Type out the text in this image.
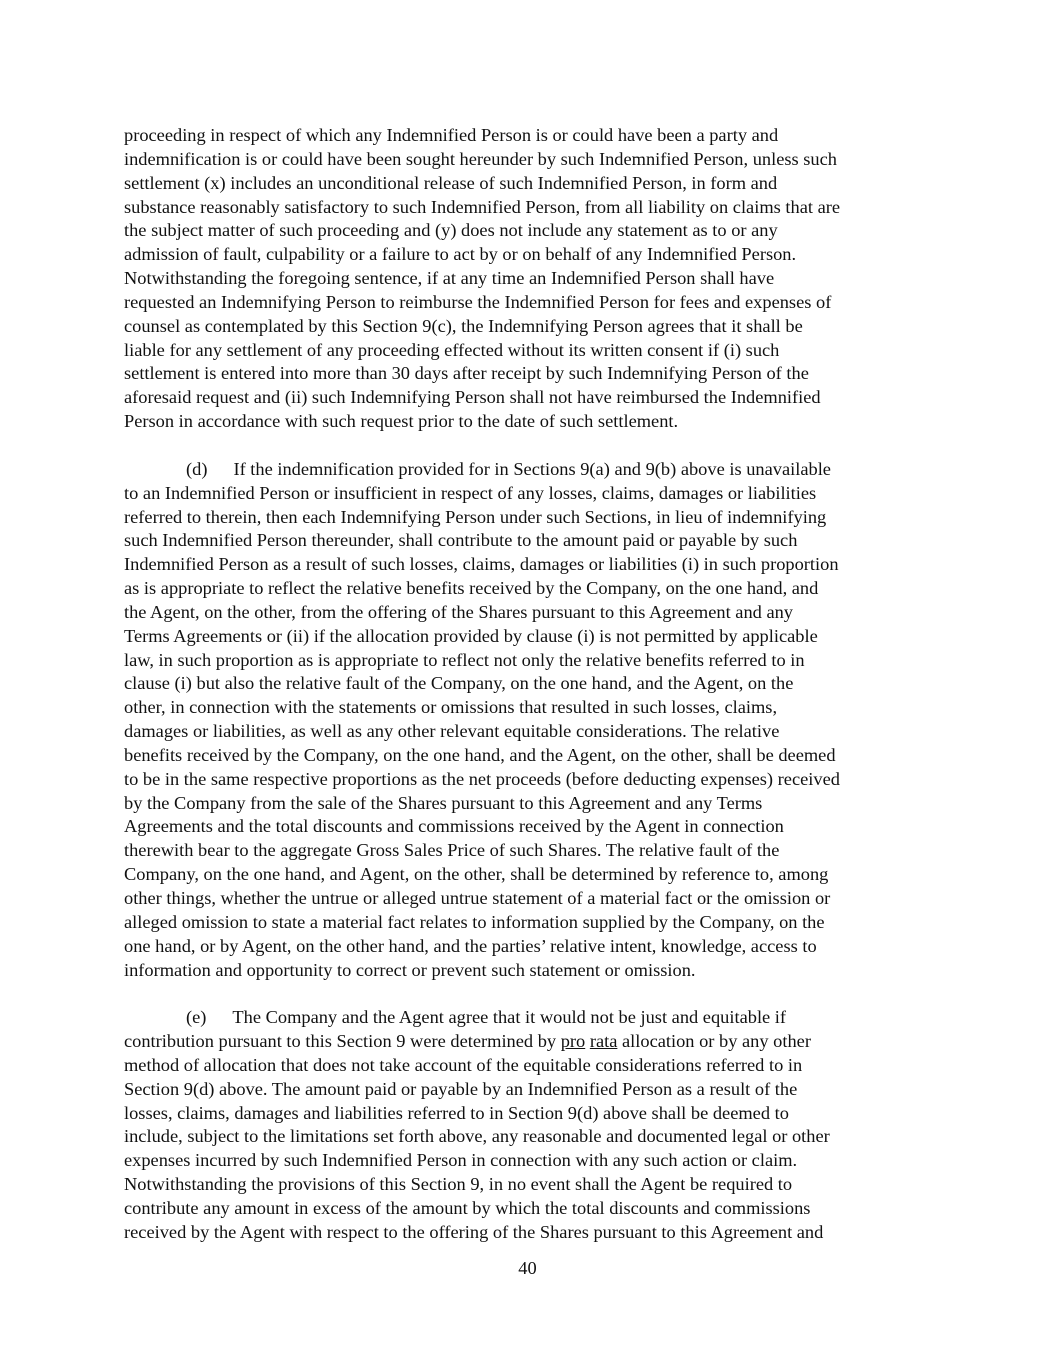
proceeding in respect of which any Indemnified Person is or could have been a party and
indemnification is or could have been sought hereunder by such Indemnified Person, unless such
settlement (x) includes an unconditional release of such Indemnified Person, in form and
substance reasonably satisfactory to such Indemnified Person, from all liability on claims that are
the subject matter of such proceeding and (y) does not include any statement as to or any
admission of fault, culpability or a failure to act by or on behalf of any Indemnified Person.
Notwithstanding the foregoing sentence, if at any time an Indemnified Person shall have
requested an Indemnifying Person to reimburse the Indemnified Person for fees and expenses of
counsel as contemplated by this Section 9(c), the Indemnifying Person agrees that it shall be
liable for any settlement of any proceeding effected without its written consent if (i) such
settlement is entered into more than 30 days after receipt by such Indemnifying Person of the
aforesaid request and (ii) such Indemnifying Person shall not have reimbursed the Indemnified
Person in accordance with such request prior to the date of such settlement.

(d) If the indemnification provided for in Sections 9(a) and 9(b) above is unavailable
to an Indemnified Person or insufficient in respect of any losses, claims, damages or liabilities
referred to therein, then each Indemnifying Person under such Sections, in lieu of indemnifying
such Indemnified Person thereunder, shall contribute to the amount paid or payable by such
Indemnified Person as a result of such losses, claims, damages or liabilities (i) in such proportion
as is appropriate to reflect the relative benefits received by the Company, on the one hand, and
the Agent, on the other, from the offering of the Shares pursuant to this Agreement and any
Terms Agreements or (ii) if the allocation provided by clause (i) is not permitted by applicable
law, in such proportion as is appropriate to reflect not only the relative benefits referred to in
clause (i) but also the relative fault of the Company, on the one hand, and the Agent, on the
other, in connection with the statements or omissions that resulted in such losses, claims,
damages or liabilities, as well as any other relevant equitable considerations. The relative
benefits received by the Company, on the one hand, and the Agent, on the other, shall be deemed
to be in the same respective proportions as the net proceeds (before deducting expenses) received
by the Company from the sale of the Shares pursuant to this Agreement and any Terms
Agreements and the total discounts and commissions received by the Agent in connection
therewith bear to the aggregate Gross Sales Price of such Shares. The relative fault of the
Company, on the one hand, and Agent, on the other, shall be determined by reference to, among
other things, whether the untrue or alleged untrue statement of a material fact or the omission or
alleged omission to state a material fact relates to information supplied by the Company, on the
one hand, or by Agent, on the other hand, and the parties’ relative intent, knowledge, access to
information and opportunity to correct or prevent such statement or omission.

(e) The Company and the Agent agree that it would not be just and equitable if
contribution pursuant to this Section 9 were determined by pro rata allocation or by any other
method of allocation that does not take account of the equitable considerations referred to in
Section 9(d) above. The amount paid or payable by an Indemnified Person as a result of the
losses, claims, damages and liabilities referred to in Section 9(d) above shall be deemed to
include, subject to the limitations set forth above, any reasonable and documented legal or other
expenses incurred by such Indemnified Person in connection with any such action or claim.
Notwithstanding the provisions of this Section 9, in no event shall the Agent be required to
contribute any amount in excess of the amount by which the total discounts and commissions
received by the Agent with respect to the offering of the Shares pursuant to this Agreement and

40
